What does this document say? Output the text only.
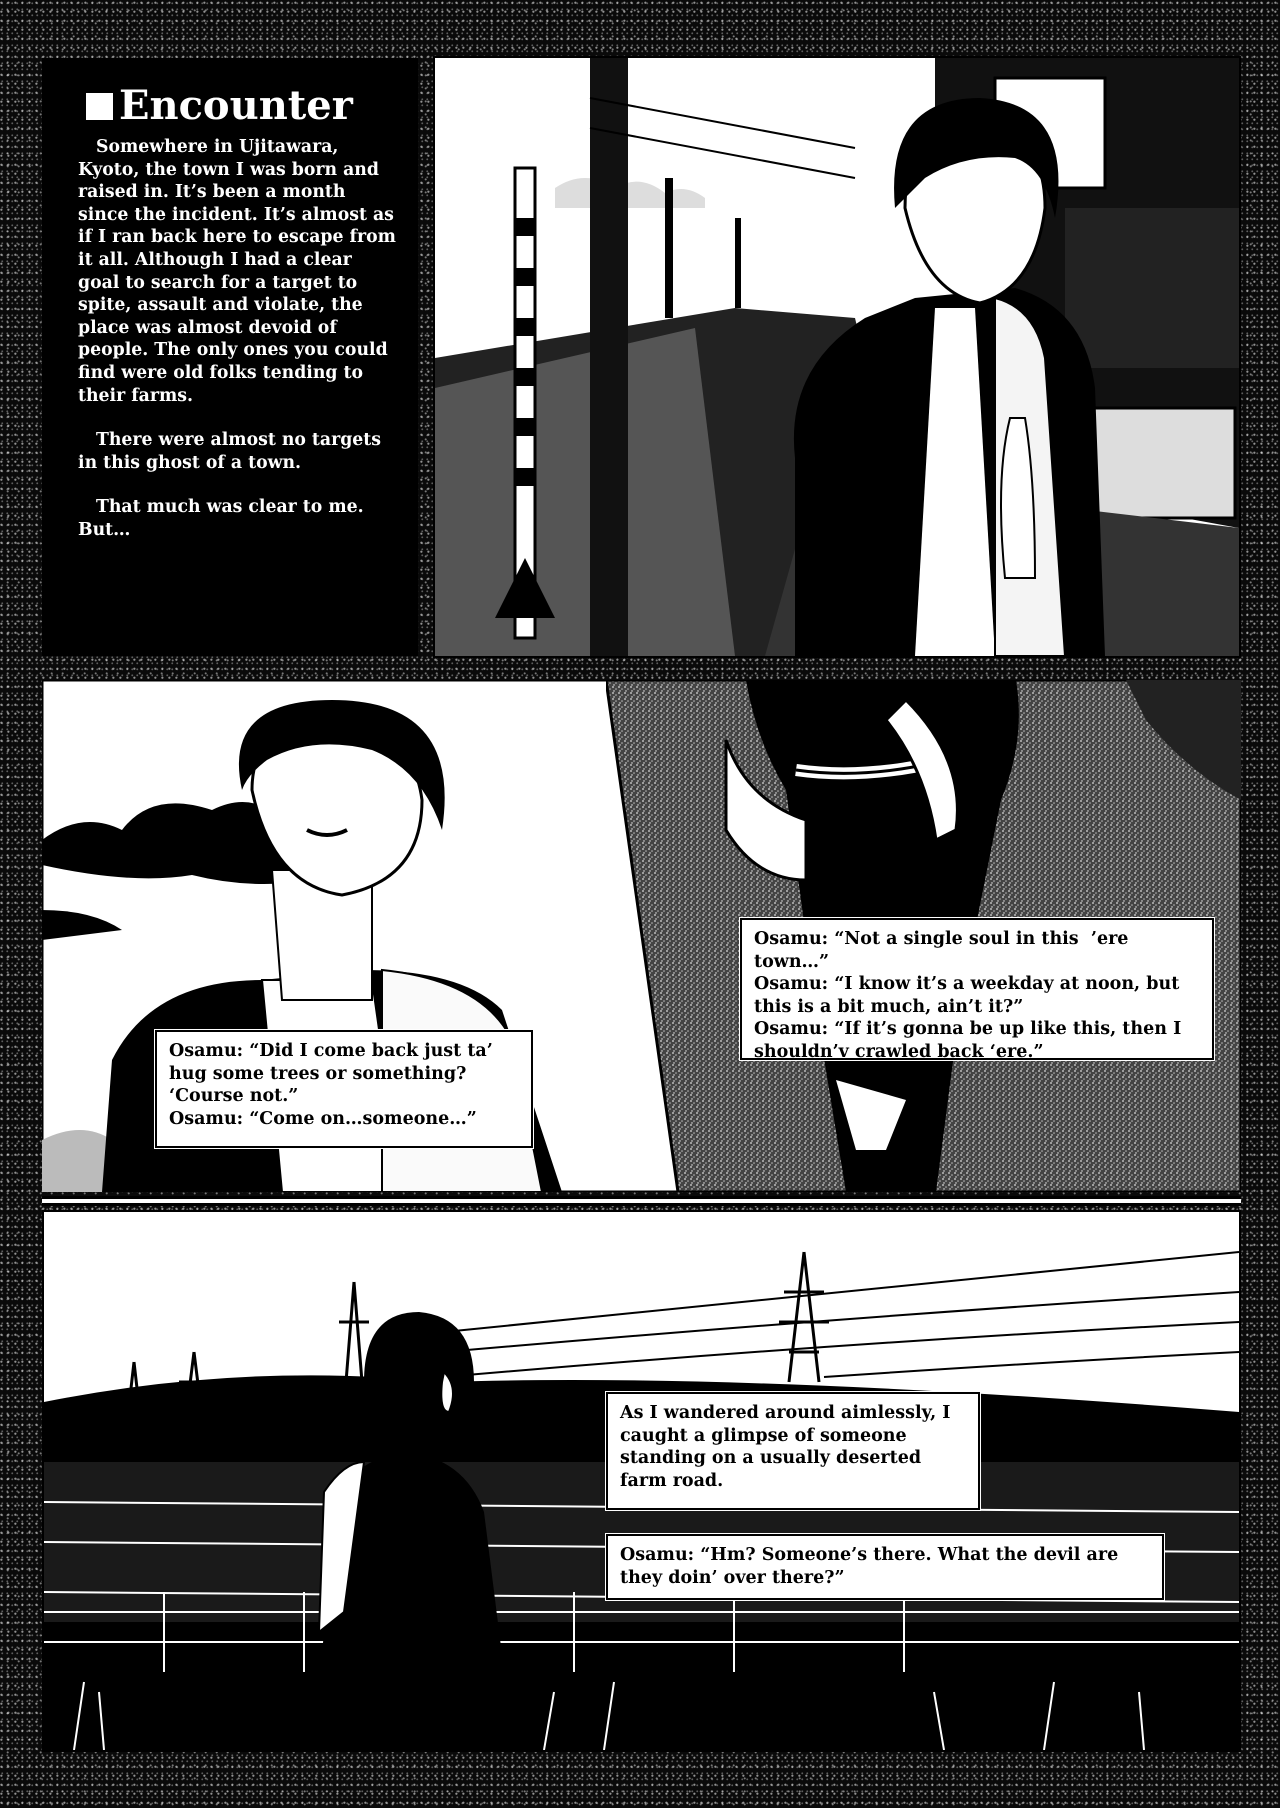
Encounter

Somewhere in Ujitawara, Kyoto, the town I was born and raised in. It’s been a month since the incident. It’s almost as if I ran back here to escape from it all. Although I had a clear goal to search for a target to spite, assault and violate, the place was almost devoid of people. The only ones you could find were old folks tending to their farms.

There were almost no targets in this ghost of a town.

That much was clear to me. But…

Osamu: “Did I come back just ta’ hug some trees or something? ‘Course not.”
Osamu: “Come on…someone…”
Osamu: “Not a single soul in this  ’ere town…”
Osamu: “I know it’s a weekday at noon, but this is a bit much, ain’t it?”
Osamu: “If it’s gonna be up like this, then I shouldn’v crawled back ‘ere.”
As I wandered around aimlessly, I caught a glimpse of someone standing on a usually deserted farm road.
Osamu: “Hm? Someone’s there. What the devil are they doin’ over there?”
5
